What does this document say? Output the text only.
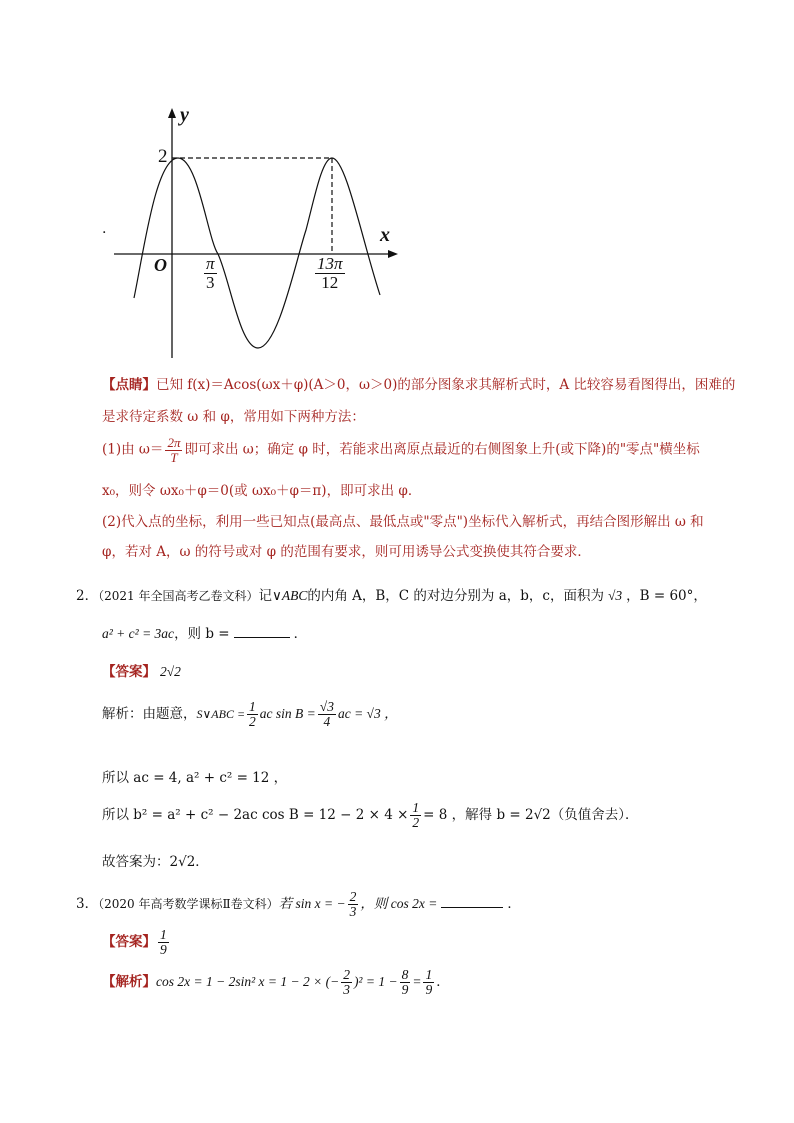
y
x
O
2
.
$\frac{\pi}{3}$	$\frac{13\pi}{12}$
【点睛】已知 f(x)＝Acos(ωx＋φ)(A＞0，ω＞0)的部分图象求其解析式时，A 比较容易看图得出，困难的
是求待定系数 ω 和 φ，常用如下两种方法：
(1)由 $\omega= \frac{2\pi}{T}$ 即可求出 ω；确定 φ 时，若能求出离原点最近的右侧图象上升(或下降)的"零点"横坐标
x₀，则令 ωx₀＋φ＝0(或 ωx₀＋φ＝π)，即可求出 φ．
(2)代入点的坐标，利用一些已知点(最高点、最低点或"零点")坐标代入解析式，再结合图形解出 ω 和
φ，若对 A，ω 的符号或对 φ 的范围有要求，则可用诱导公式变换使其符合要求．
2．（2021 年全国高考乙卷文科）记∨ABC的内角 A，B，C 的对边分别为 a，b，c，面积为 √3 ，B = 60°，
a² + c² = 3ac，则 b =	．
【答案】 2√2
解析：由题意，S∨ABC = $\frac{1}{2}$ ac $\sin B = \frac{√3}{4}$ ac = √3 ，
所以 ac = 4, a² + c² = 12 ，
所以 b² = a² + c² − 2ac $\cos B = 12 - 2 \times 4 \times \frac{1}{2} = 8$ ，解得 b = 2√2（负值舍去）．
故答案为：2√2．
3．（2020 年高考数学课标Ⅱ卷文科）若 sin x = − $\frac{2}{3}$ ，则 cos 2x =	．
【答案】 $\frac{1}{9}$
【解析】cos 2x = 1 − 2sin² x = 1 − 2 × (− $\frac{2}{3} )^2 = 1 - \frac{8}{9} = \frac{1}{9}$ ．
